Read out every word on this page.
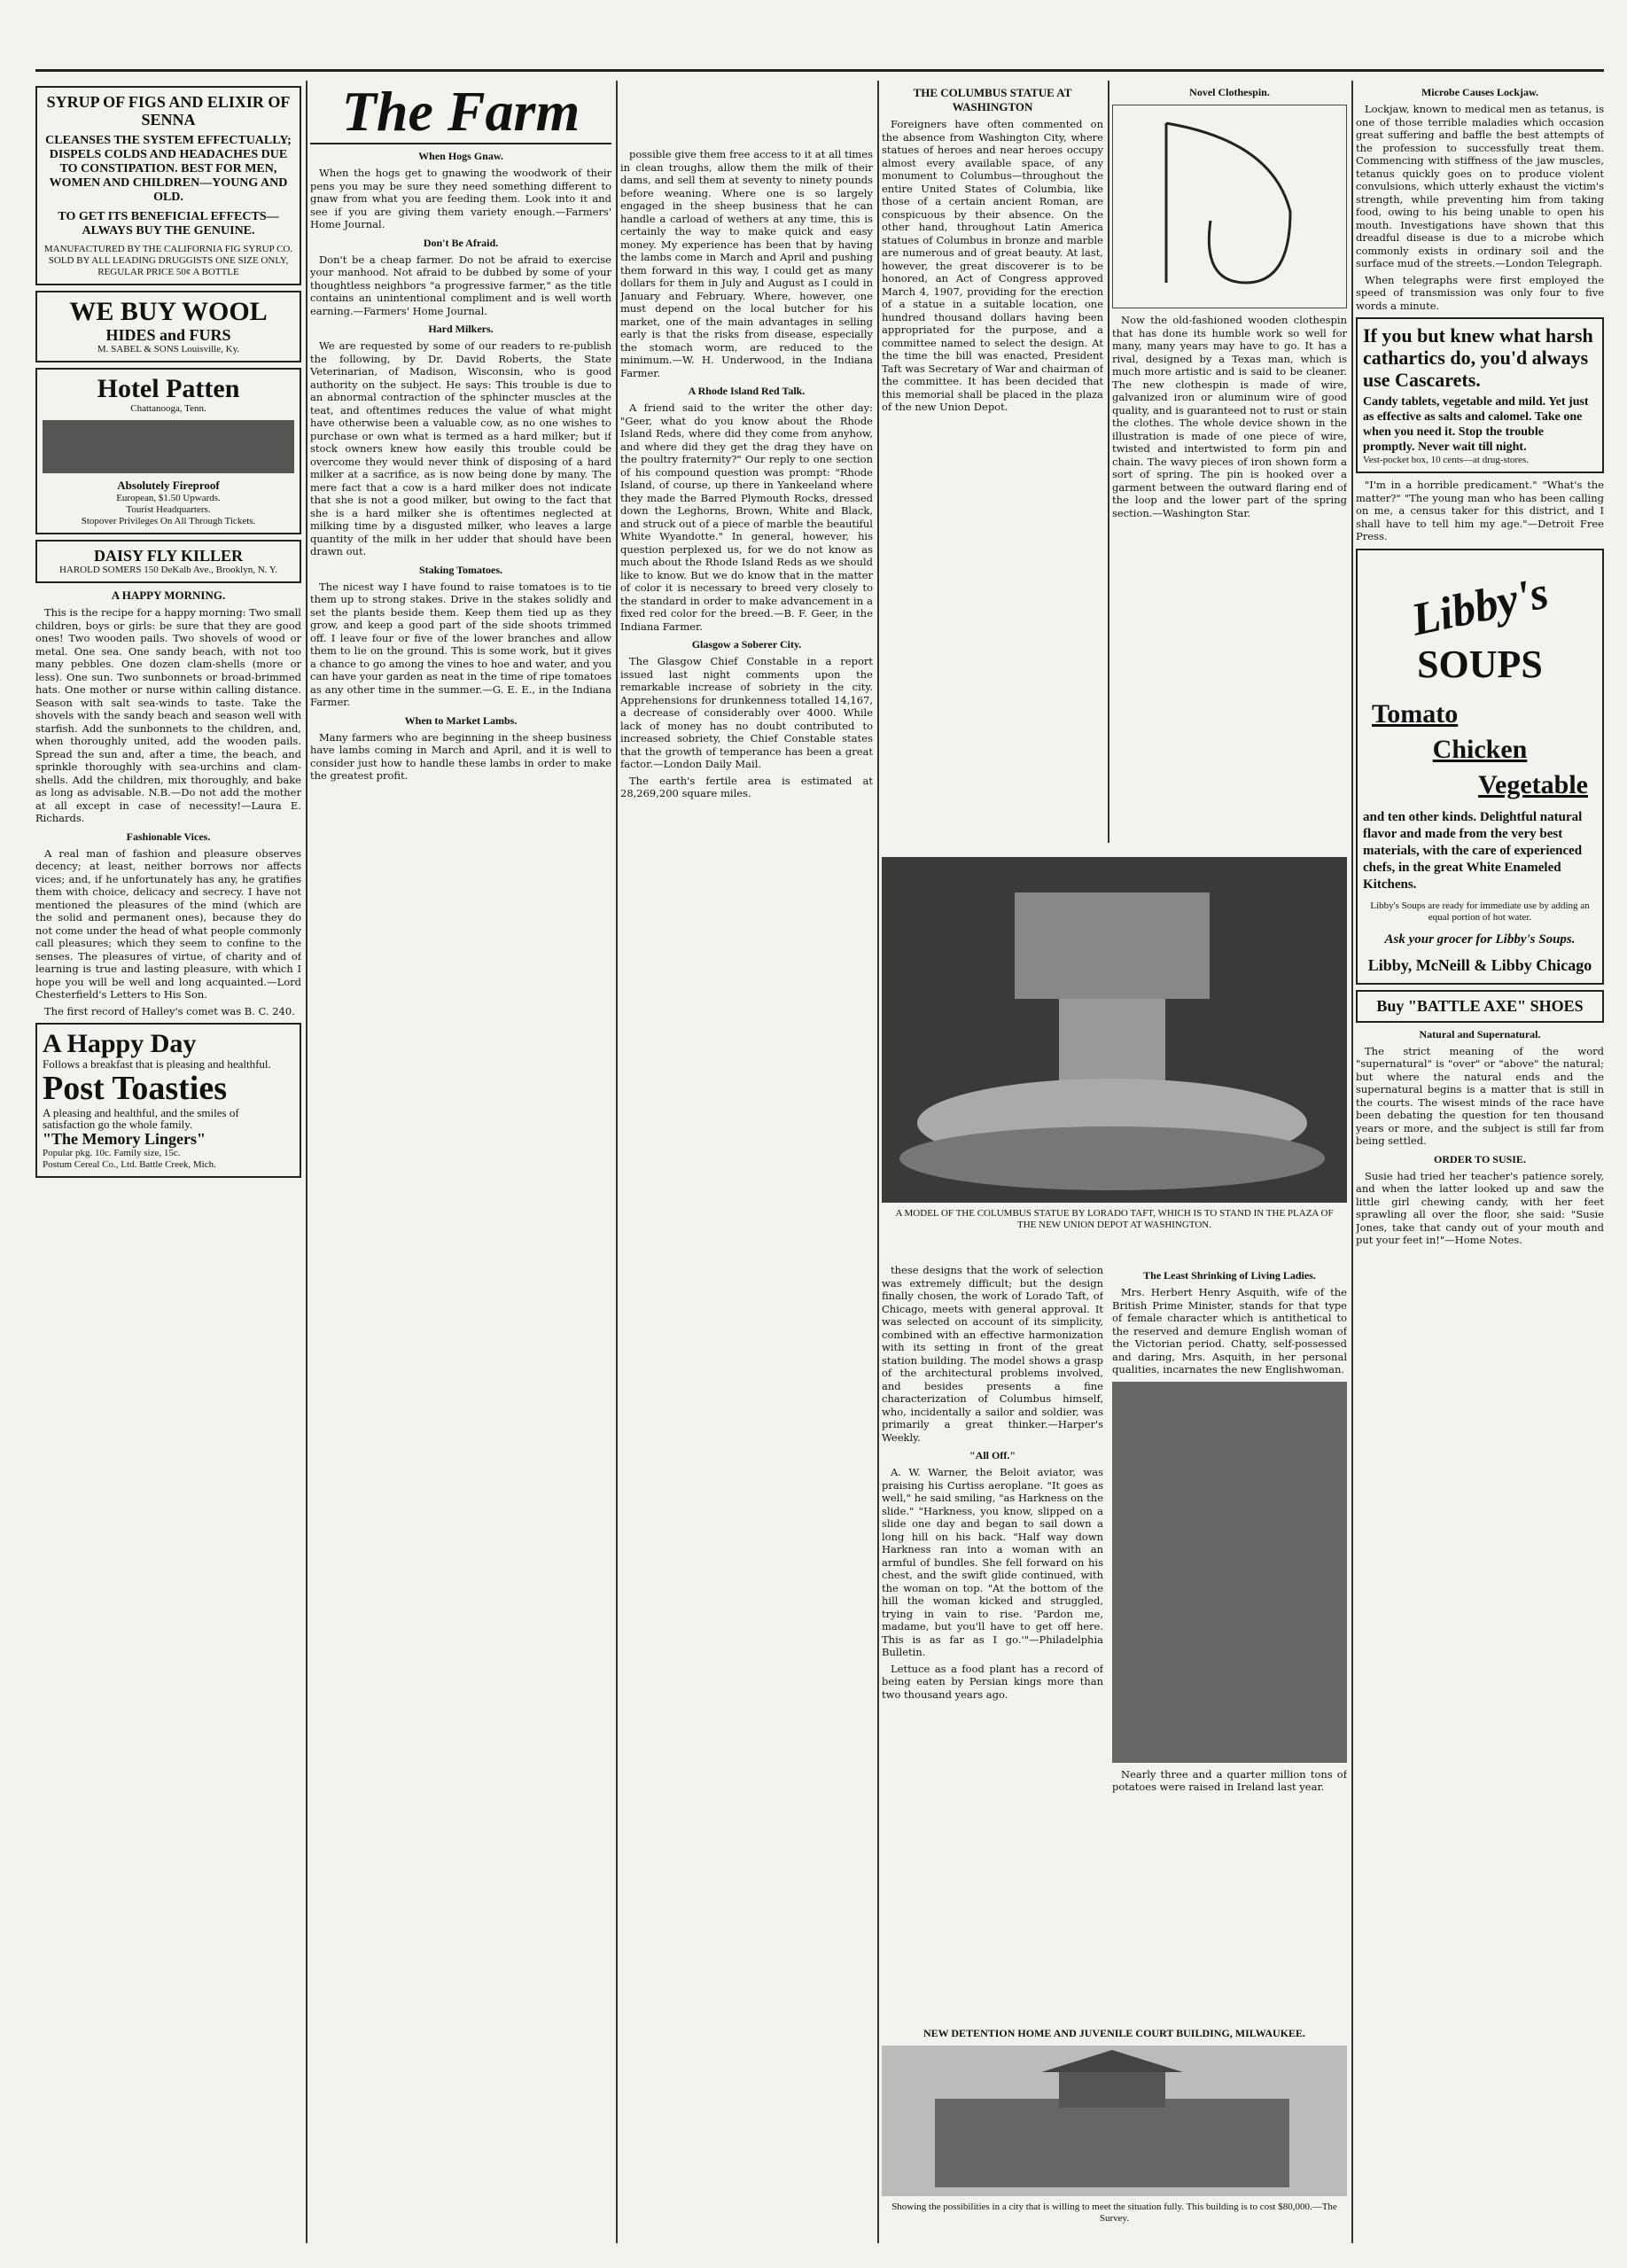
SYRUP OF FIGS AND ELIXIR OF SENNA
CLEANSES THE SYSTEM EFFECTUALLY; DISPELS COLDS AND HEADACHES DUE TO CONSTIPATION. BEST FOR MEN, WOMEN AND CHILDREN—YOUNG AND OLD.
TO GET ITS BENEFICIAL EFFECTS—ALWAYS BUY THE GENUINE.
MANUFACTURED BY THE CALIFORNIA FIG SYRUP CO.
SOLD BY ALL LEADING DRUGGISTS ONE SIZE ONLY, REGULAR PRICE 50¢ A BOTTLE
WE BUY WOOL
HIDES and FURS
M. SABEL & SONS Louisville, Ky.
Hotel Patten
Chattanooga, Tenn.
Absolutely Fireproof
European, $1.50 Upwards.
Tourist Headquarters.
Stopover Privileges On All Through Tickets.
DAISY FLY KILLER
HAROLD SOMERS 150 DeKalb Ave., Brooklyn, N. Y.
A HAPPY MORNING.

This is the recipe for a happy morning: Two small children, boys or girls: be sure that they are good ones! Two wooden pails. Two shovels of wood or metal. One sea. One sandy beach, with not too many pebbles. One dozen clam-shells (more or less). One sun. Two sunbonnets or broad-brimmed hats. One mother or nurse within calling distance. Season with salt sea-winds to taste. Take the shovels with the sandy beach and season well with starfish. Add the sunbonnets to the children, and, when thoroughly united, add the wooden pails. Spread the sun and, after a time, the beach, and sprinkle thoroughly with sea-urchins and clam-shells. Add the children, mix thoroughly, and bake as long as advisable. N.B.—Do not add the mother at all except in case of necessity!—Laura E. Richards.

Fashionable Vices.

A real man of fashion and pleasure observes decency; at least, neither borrows nor affects vices; and, if he unfortunately has any, he gratifies them with choice, delicacy and secrecy. I have not mentioned the pleasures of the mind (which are the solid and permanent ones), because they do not come under the head of what people commonly call pleasures; which they seem to confine to the senses. The pleasures of virtue, of charity and of learning is true and lasting pleasure, with which I hope you will be well and long acquainted.—Lord Chesterfield's Letters to His Son.

The first record of Halley's comet was B. C. 240.

A Happy Day
Follows a breakfast that is pleasing and healthful.
Post Toasties
A pleasing and healthful, and the smiles of satisfaction go the whole family.
"The Memory Lingers"
Popular pkg. 10c. Family size, 15c.
Postum Cereal Co., Ltd. Battle Creek, Mich.
The Farm
When Hogs Gnaw.

When the hogs get to gnawing the woodwork of their pens you may be sure they need something different to gnaw from what you are feeding them. Look into it and see if you are giving them variety enough.—Farmers' Home Journal.

Don't Be Afraid.

Don't be a cheap farmer. Do not be afraid to exercise your manhood. Not afraid to be dubbed by some of your thoughtless neighbors "a progressive farmer," as the title contains an unintentional compliment and is well worth earning.—Farmers' Home Journal.

Hard Milkers.

We are requested by some of our readers to re-publish the following, by Dr. David Roberts, the State Veterinarian, of Madison, Wisconsin, who is good authority on the subject. He says: This trouble is due to an abnormal contraction of the sphincter muscles at the teat, and oftentimes reduces the value of what might have otherwise been a valuable cow, as no one wishes to purchase or own what is termed as a hard milker; but if stock owners knew how easily this trouble could be overcome they would never think of disposing of a hard milker at a sacrifice, as is now being done by many. The mere fact that a cow is a hard milker does not indicate that she is not a good milker, but owing to the fact that she is a hard milker she is oftentimes neglected at milking time by a disgusted milker, who leaves a large quantity of the milk in her udder that should have been drawn out.

Staking Tomatoes.

The nicest way I have found to raise tomatoes is to tie them up to strong stakes. Drive in the stakes solidly and set the plants beside them. Keep them tied up as they grow, and keep a good part of the side shoots trimmed off. I leave four or five of the lower branches and allow them to lie on the ground. This is some work, but it gives a chance to go among the vines to hoe and water, and you can have your garden as neat in the time of ripe tomatoes as any other time in the summer.—G. E. E., in the Indiana Farmer.

When to Market Lambs.

Many farmers who are beginning in the sheep business have lambs coming in March and April, and it is well to consider just how to handle these lambs in order to make the greatest profit.

possible give them free access to it at all times in clean troughs, allow them the milk of their dams, and sell them at seventy to ninety pounds before weaning. Where one is so largely engaged in the sheep business that he can handle a carload of wethers at any time, this is certainly the way to make quick and easy money. My experience has been that by having the lambs come in March and April and pushing them forward in this way, I could get as many dollars for them in July and August as I could in January and February. Where, however, one must depend on the local butcher for his market, one of the main advantages in selling early is that the risks from disease, especially the stomach worm, are reduced to the minimum.—W. H. Underwood, in the Indiana Farmer.

A Rhode Island Red Talk.

A friend said to the writer the other day: "Geer, what do you know about the Rhode Island Reds, where did they come from anyhow, and where did they get the drag they have on the poultry fraternity?" Our reply to one section of his compound question was prompt: "Rhode Island, of course, up there in Yankeeland where they made the Barred Plymouth Rocks, dressed down the Leghorns, Brown, White and Black, and struck out of a piece of marble the beautiful White Wyandotte." In general, however, his question perplexed us, for we do not know as much about the Rhode Island Reds as we should like to know. But we do know that in the matter of color it is necessary to breed very closely to the standard in order to make advancement in a fixed red color for the breed.—B. F. Geer, in the Indiana Farmer.

Glasgow a Soberer City.

The Glasgow Chief Constable in a report issued last night comments upon the remarkable increase of sobriety in the city. Apprehensions for drunkenness totalled 14,167, a decrease of considerably over 4000. While lack of money has no doubt contributed to increased sobriety, the Chief Constable states that the growth of temperance has been a great factor.—London Daily Mail.

The earth's fertile area is estimated at 28,269,200 square miles.

THE COLUMBUS STATUE AT WASHINGTON

Foreigners have often commented on the absence from Washington City, where statues of heroes and near heroes occupy almost every available space, of any monument to Columbus—throughout the entire United States of Columbia, like those of a certain ancient Roman, are conspicuous by their absence. On the other hand, throughout Latin America statues of Columbus in bronze and marble are numerous and of great beauty. At last, however, the great discoverer is to be honored, an Act of Congress approved March 4, 1907, providing for the erection of a statue in a suitable location, one hundred thousand dollars having been appropriated for the purpose, and a committee named to select the design. At the time the bill was enacted, President Taft was Secretary of War and chairman of the committee. It has been decided that this memorial shall be placed in the plaza of the new Union Depot.

A MODEL OF THE COLUMBUS STATUE BY LORADO TAFT, WHICH IS TO STAND IN THE PLAZA OF THE NEW UNION DEPOT AT WASHINGTON.

these designs that the work of selection was extremely difficult; but the design finally chosen, the work of Lorado Taft, of Chicago, meets with general approval. It was selected on account of its simplicity, combined with an effective harmonization with its setting in front of the great station building. The model shows a grasp of the architectural problems involved, and besides presents a fine characterization of Columbus himself, who, incidentally a sailor and soldier, was primarily a great thinker.—Harper's Weekly.

"All Off."

A. W. Warner, the Beloit aviator, was praising his Curtiss aeroplane. "It goes as well," he said smiling, "as Harkness on the slide." "Harkness, you know, slipped on a slide one day and began to sail down a long hill on his back. "Half way down Harkness ran into a woman with an armful of bundles. She fell forward on his chest, and the swift glide continued, with the woman on top. "At the bottom of the hill the woman kicked and struggled, trying in vain to rise. 'Pardon me, madame, but you'll have to get off here. This is as far as I go.'"—Philadelphia Bulletin.

Lettuce as a food plant has a record of being eaten by Persian kings more than two thousand years ago.

NEW DETENTION HOME AND JUVENILE COURT BUILDING, MILWAUKEE.
Showing the possibilities in a city that is willing to meet the situation fully. This building is to cost $80,000.—The Survey.
Novel Clothespin.

Now the old-fashioned wooden clothespin that has done its humble work so well for many, many years may have to go. It has a rival, designed by a Texas man, which is much more artistic and is said to be cleaner. The new clothespin is made of wire, galvanized iron or aluminum wire of good quality, and is guaranteed not to rust or stain the clothes. The whole device shown in the illustration is made of one piece of wire, twisted and intertwisted to form pin and chain. The wavy pieces of iron shown form a sort of spring. The pin is hooked over a garment between the outward flaring end of the loop and the lower part of the spring section.—Washington Star.

The Least Shrinking of Living Ladies.

Mrs. Herbert Henry Asquith, wife of the British Prime Minister, stands for that type of female character which is antithetical to the reserved and demure English woman of the Victorian period. Chatty, self-possessed and daring, Mrs. Asquith, in her personal qualities, incarnates the new Englishwoman.

Nearly three and a quarter million tons of potatoes were raised in Ireland last year.

Microbe Causes Lockjaw.

Lockjaw, known to medical men as tetanus, is one of those terrible maladies which occasion great suffering and baffle the best attempts of the profession to successfully treat them. Commencing with stiffness of the jaw muscles, tetanus quickly goes on to produce violent convulsions, which utterly exhaust the victim's strength, while preventing him from taking food, owing to his being unable to open his mouth. Investigations have shown that this dreadful disease is due to a microbe which commonly exists in ordinary soil and the surface mud of the streets.—London Telegraph.

When telegraphs were first employed the speed of transmission was only four to five words a minute.

If you but knew what harsh cathartics do, you'd always use Cascarets.
Candy tablets, vegetable and mild. Yet just as effective as salts and calomel. Take one when you need it. Stop the trouble promptly. Never wait till night.
Vest-pocket box, 10 cents—at drug-stores.

"I'm in a horrible predicament." "What's the matter?" "The young man who has been calling on me, a census taker for this district, and I shall have to tell him my age."—Detroit Free Press.

Libby's
SOUPS
Tomato
Chicken
Vegetable
and ten other kinds. Delightful natural flavor and made from the very best materials, with the care of experienced chefs, in the great White Enameled Kitchens.
Libby's Soups are ready for immediate use by adding an equal portion of hot water.
Ask your grocer for Libby's Soups.
Libby, McNeill & Libby Chicago
Buy "BATTLE AXE" SHOES
Natural and Supernatural.

The strict meaning of the word "supernatural" is "over" or "above" the natural; but where the natural ends and the supernatural begins is a matter that is still in the courts. The wisest minds of the race have been debating the question for ten thousand years or more, and the subject is still far from being settled.

ORDER TO SUSIE.

Susie had tried her teacher's patience sorely, and when the latter looked up and saw the little girl chewing candy, with her feet sprawling all over the floor, she said: "Susie Jones, take that candy out of your mouth and put your feet in!"—Home Notes.
